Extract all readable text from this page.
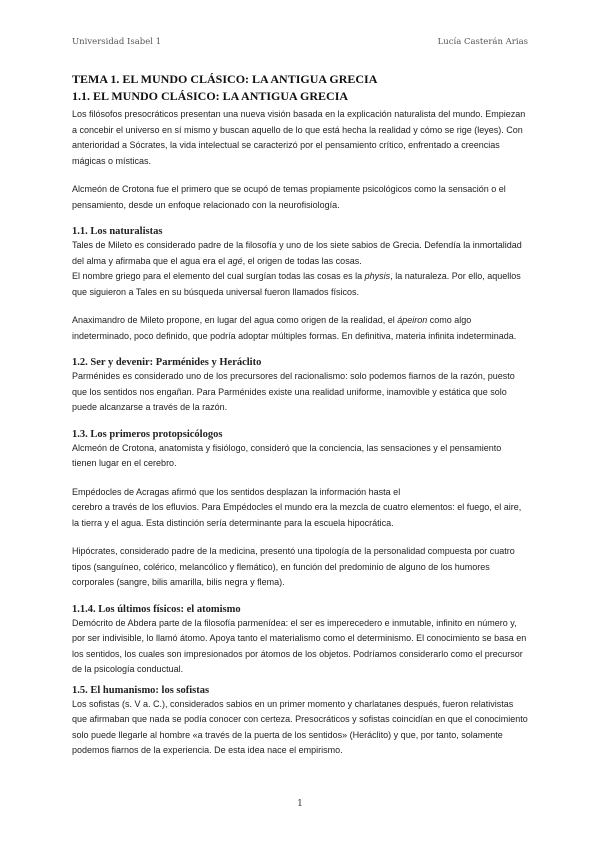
Universidad Isabel 1	Lucía Casterán Arias
TEMA 1. EL MUNDO CLÁSICO: LA ANTIGUA GRECIA
1.1. EL MUNDO CLÁSICO: LA ANTIGUA GRECIA

Los filósofos presocráticos presentan una nueva visión basada en la explicación naturalista del mundo. Empiezan a concebir el universo en sí mismo y buscan aquello de lo que está hecha la realidad y cómo se rige (leyes). Con anterioridad a Sócrates, la vida intelectual se caracterizó por el pensamiento crítico, enfrentado a creencias mágicas o místicas.

Alcmeón de Crotona fue el primero que se ocupó de temas propiamente psicológicos como la sensación o el pensamiento, desde un enfoque relacionado con la neurofisiología.

1.1. Los naturalistas

Tales de Mileto es considerado padre de la filosofía y uno de los siete sabios de Grecia. Defendía la inmortalidad del alma y afirmaba que el agua era el agé, el origen de todas las cosas.
El nombre griego para el elemento del cual surgían todas las cosas es la physis, la naturaleza. Por ello, aquellos que siguieron a Tales en su búsqueda universal fueron llamados físicos.

Anaximandro de Mileto propone, en lugar del agua como origen de la realidad, el ápeiron como algo indeterminado, poco definido, que podría adoptar múltiples formas. En definitiva, materia infinita indeterminada.

1.2. Ser y devenir: Parménides y Heráclito

Parménides es considerado uno de los precursores del racionalismo: solo podemos fiarnos de la razón, puesto que los sentidos nos engañan. Para Parménides existe una realidad uniforme, inamovible y estática que solo puede alcanzarse a través de la razón.

1.3. Los primeros protopsicólogos

Alcmeón de Crotona, anatomista y fisiólogo, consideró que la conciencia, las sensaciones y el pensamiento tienen lugar en el cerebro.

Empédocles de Acragas afirmó que los sentidos desplazan la información hasta el
cerebro a través de los efluvios. Para Empédocles el mundo era la mezcla de cuatro elementos: el fuego, el aire, la tierra y el agua. Esta distinción sería determinante para la escuela hipocrática.

Hipócrates, considerado padre de la medicina, presentó una tipología de la personalidad compuesta por cuatro tipos (sanguíneo, colérico, melancólico y flemático), en función del predominio de alguno de los humores corporales (sangre, bilis amarilla, bilis negra y flema).

1.1.4. Los últimos físicos: el atomismo

Demócrito de Abdera parte de la filosofía parmenídea: el ser es imperecedero e inmutable, infinito en número y, por ser indivisible, lo llamó átomo. Apoya tanto el materialismo como el determinismo. El conocimiento se basa en los sentidos, los cuales son impresionados por átomos de los objetos. Podríamos considerarlo como el precursor de la psicología conductual.

1.5. El humanismo: los sofistas

Los sofistas (s. V a. C.), considerados sabios en un primer momento y charlatanes después, fueron relativistas que afirmaban que nada se podía conocer con certeza. Presocráticos y sofistas coincidían en que el conocimiento solo puede llegarle al hombre «a través de la puerta de los sentidos» (Heráclito) y que, por tanto, solamente podemos fiarnos de la experiencia. De esta idea nace el empirismo.

1
